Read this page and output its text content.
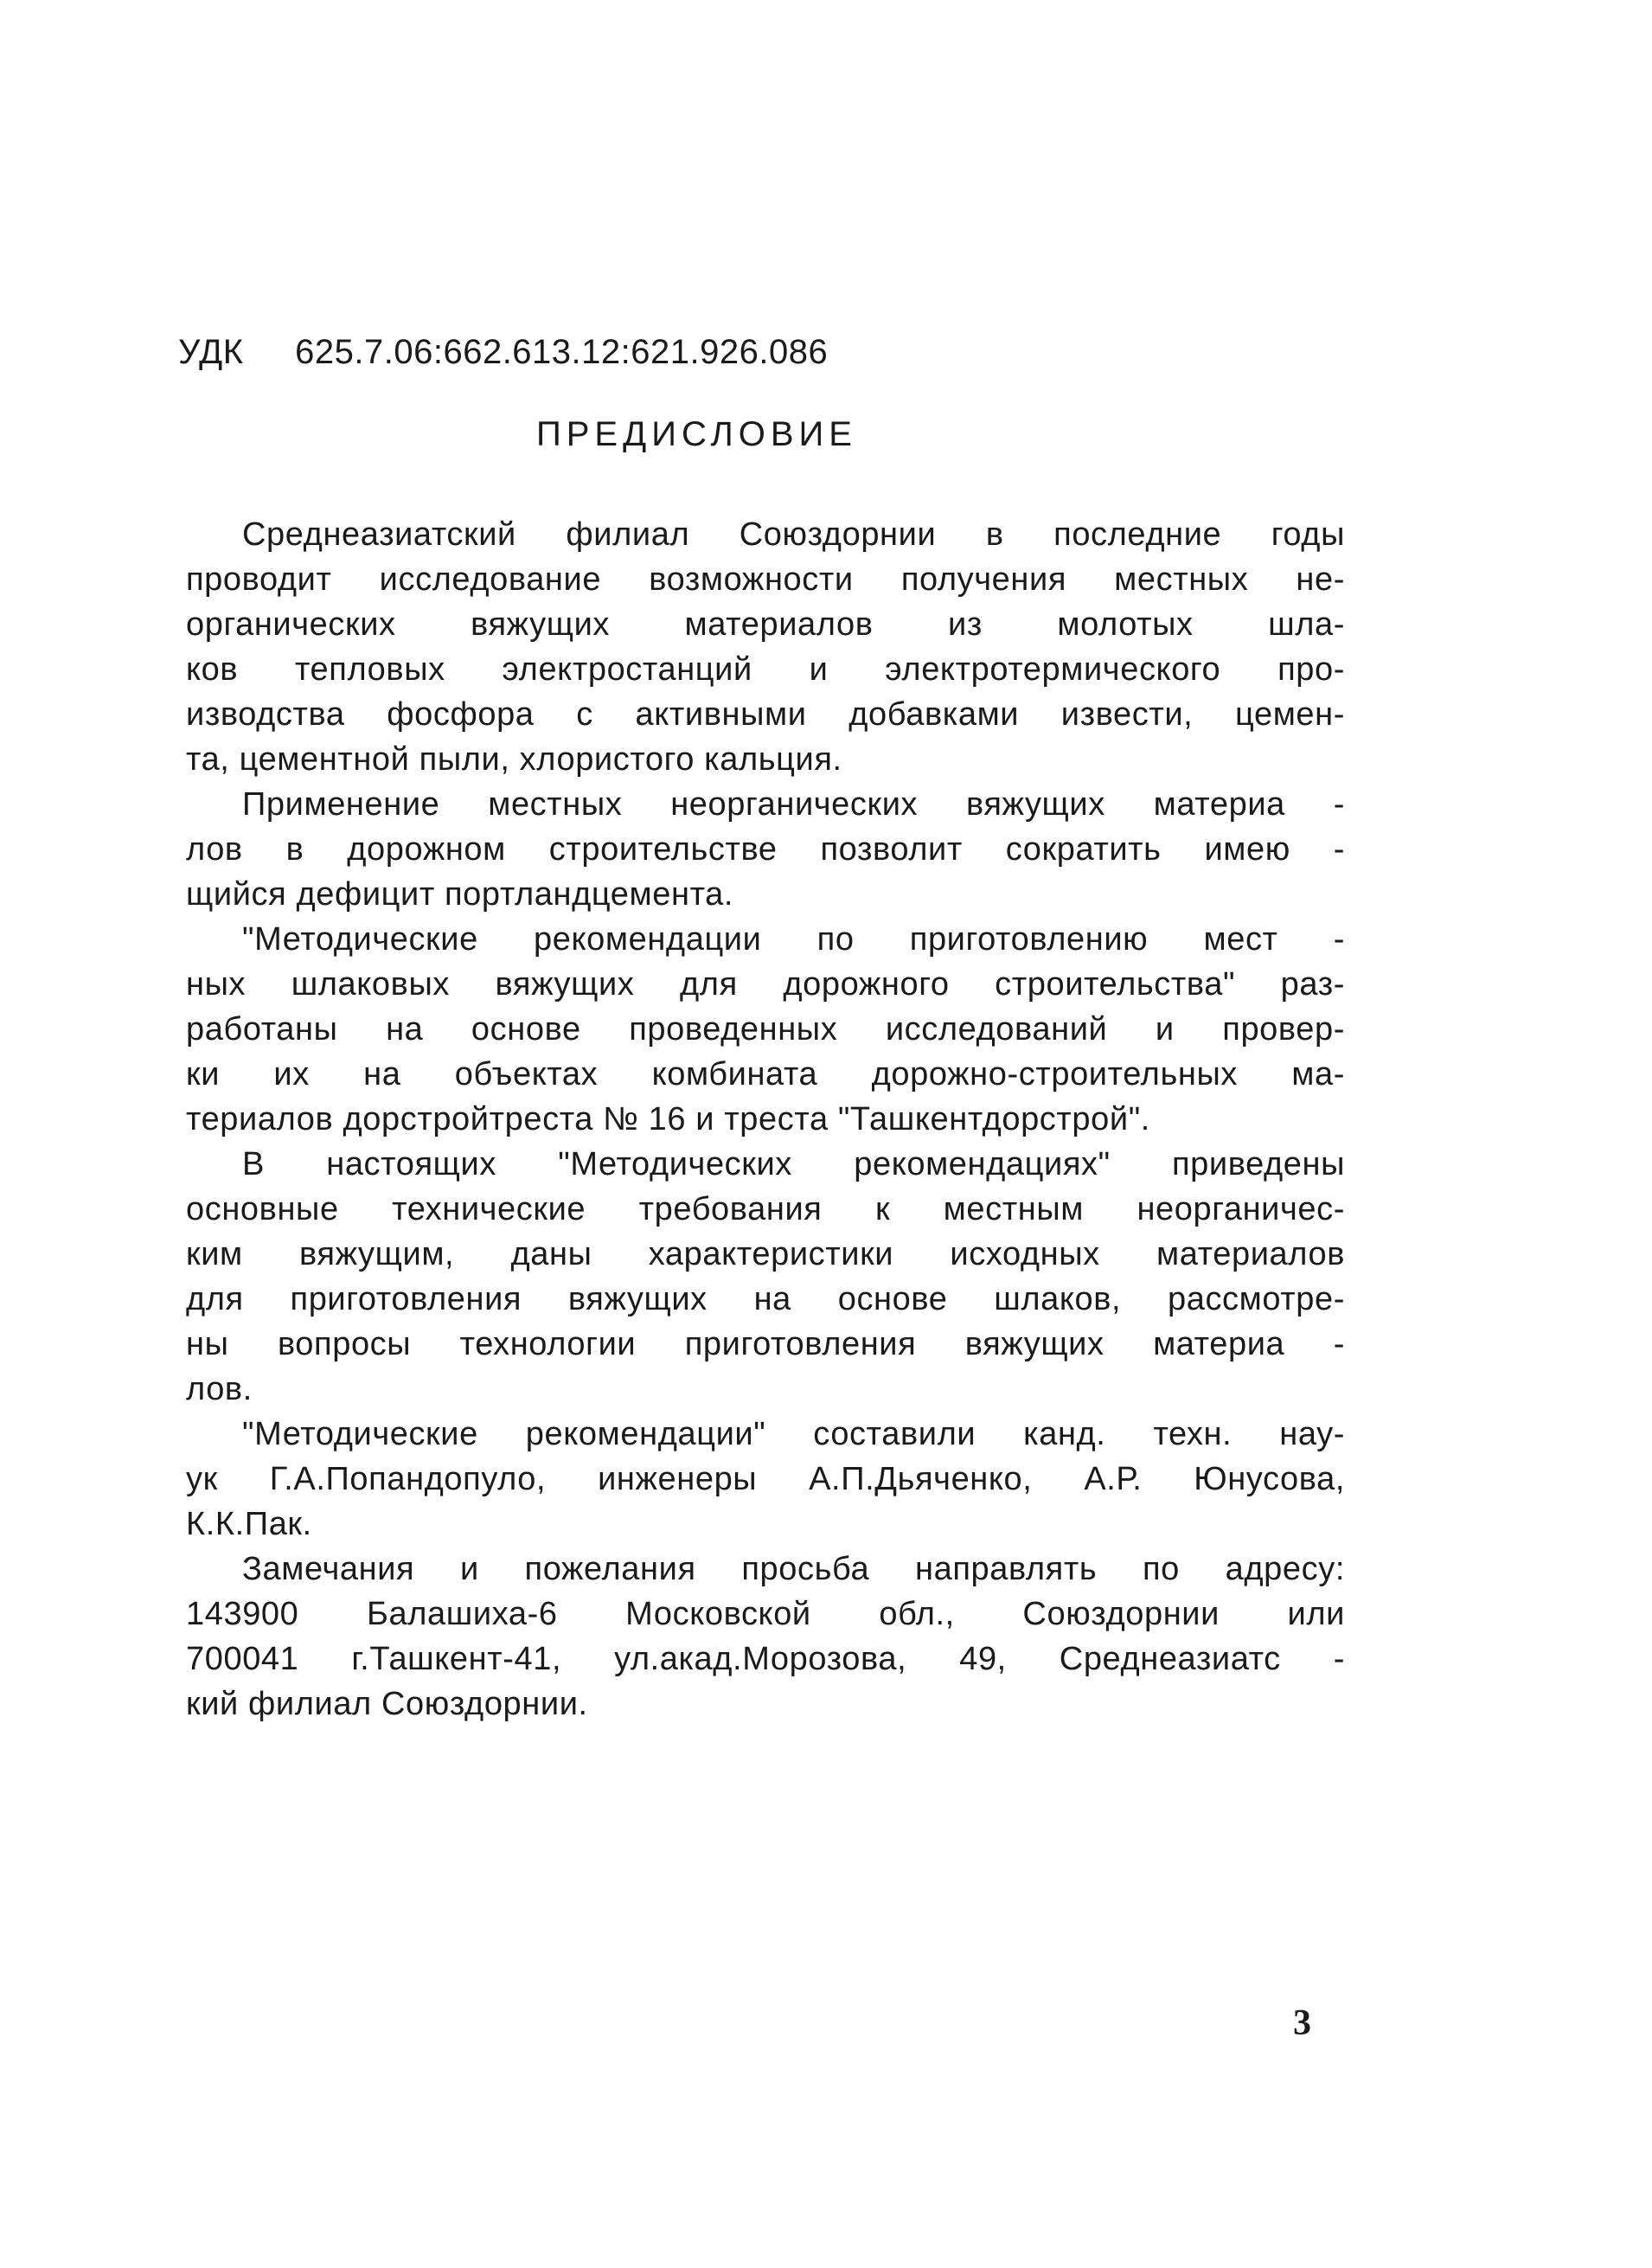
УДК 625.7.06:662.613.12:621.926.086
ПРЕДИСЛОВИЕ
Среднеазиатский филиал Союздорнии в последние годы
проводит исследование возможности получения местных не-
органических вяжущих материалов из молотых шла-
ков тепловых электростанций и электротермического про-
изводства фосфора с активными добавками извести, цемен-
та, цементной пыли, хлористого кальция.
Применение местных неорганических вяжущих материа -
лов в дорожном строительстве позволит сократить имею -
щийся дефицит портландцемента.
"Методические рекомендации по приготовлению мест -
ных шлаковых вяжущих для дорожного строительства" раз-
работаны на основе проведенных исследований и провер-
ки их на объектах комбината дорожно-строительных ма-
териалов дорстройтреста № 16 и треста "Ташкентдорстрой".
В настоящих "Методических рекомендациях" приведены
основные технические требования к местным неорганичес-
ким вяжущим, даны характеристики исходных материалов
для приготовления вяжущих на основе шлаков, рассмотре-
ны вопросы технологии приготовления вяжущих материа -
лов.
"Методические рекомендации" составили канд. техн. нау-
ук Г.А.Попандопуло, инженеры А.П.Дьяченко, А.Р. Юнусова,
К.К.Пак.
Замечания и пожелания просьба направлять по адресу:
143900 Балашиха-6 Московской обл., Союздорнии или
700041 г.Ташкент-41, ул.акад.Морозова, 49, Среднеазиатс -
кий филиал Союздорнии.
3
